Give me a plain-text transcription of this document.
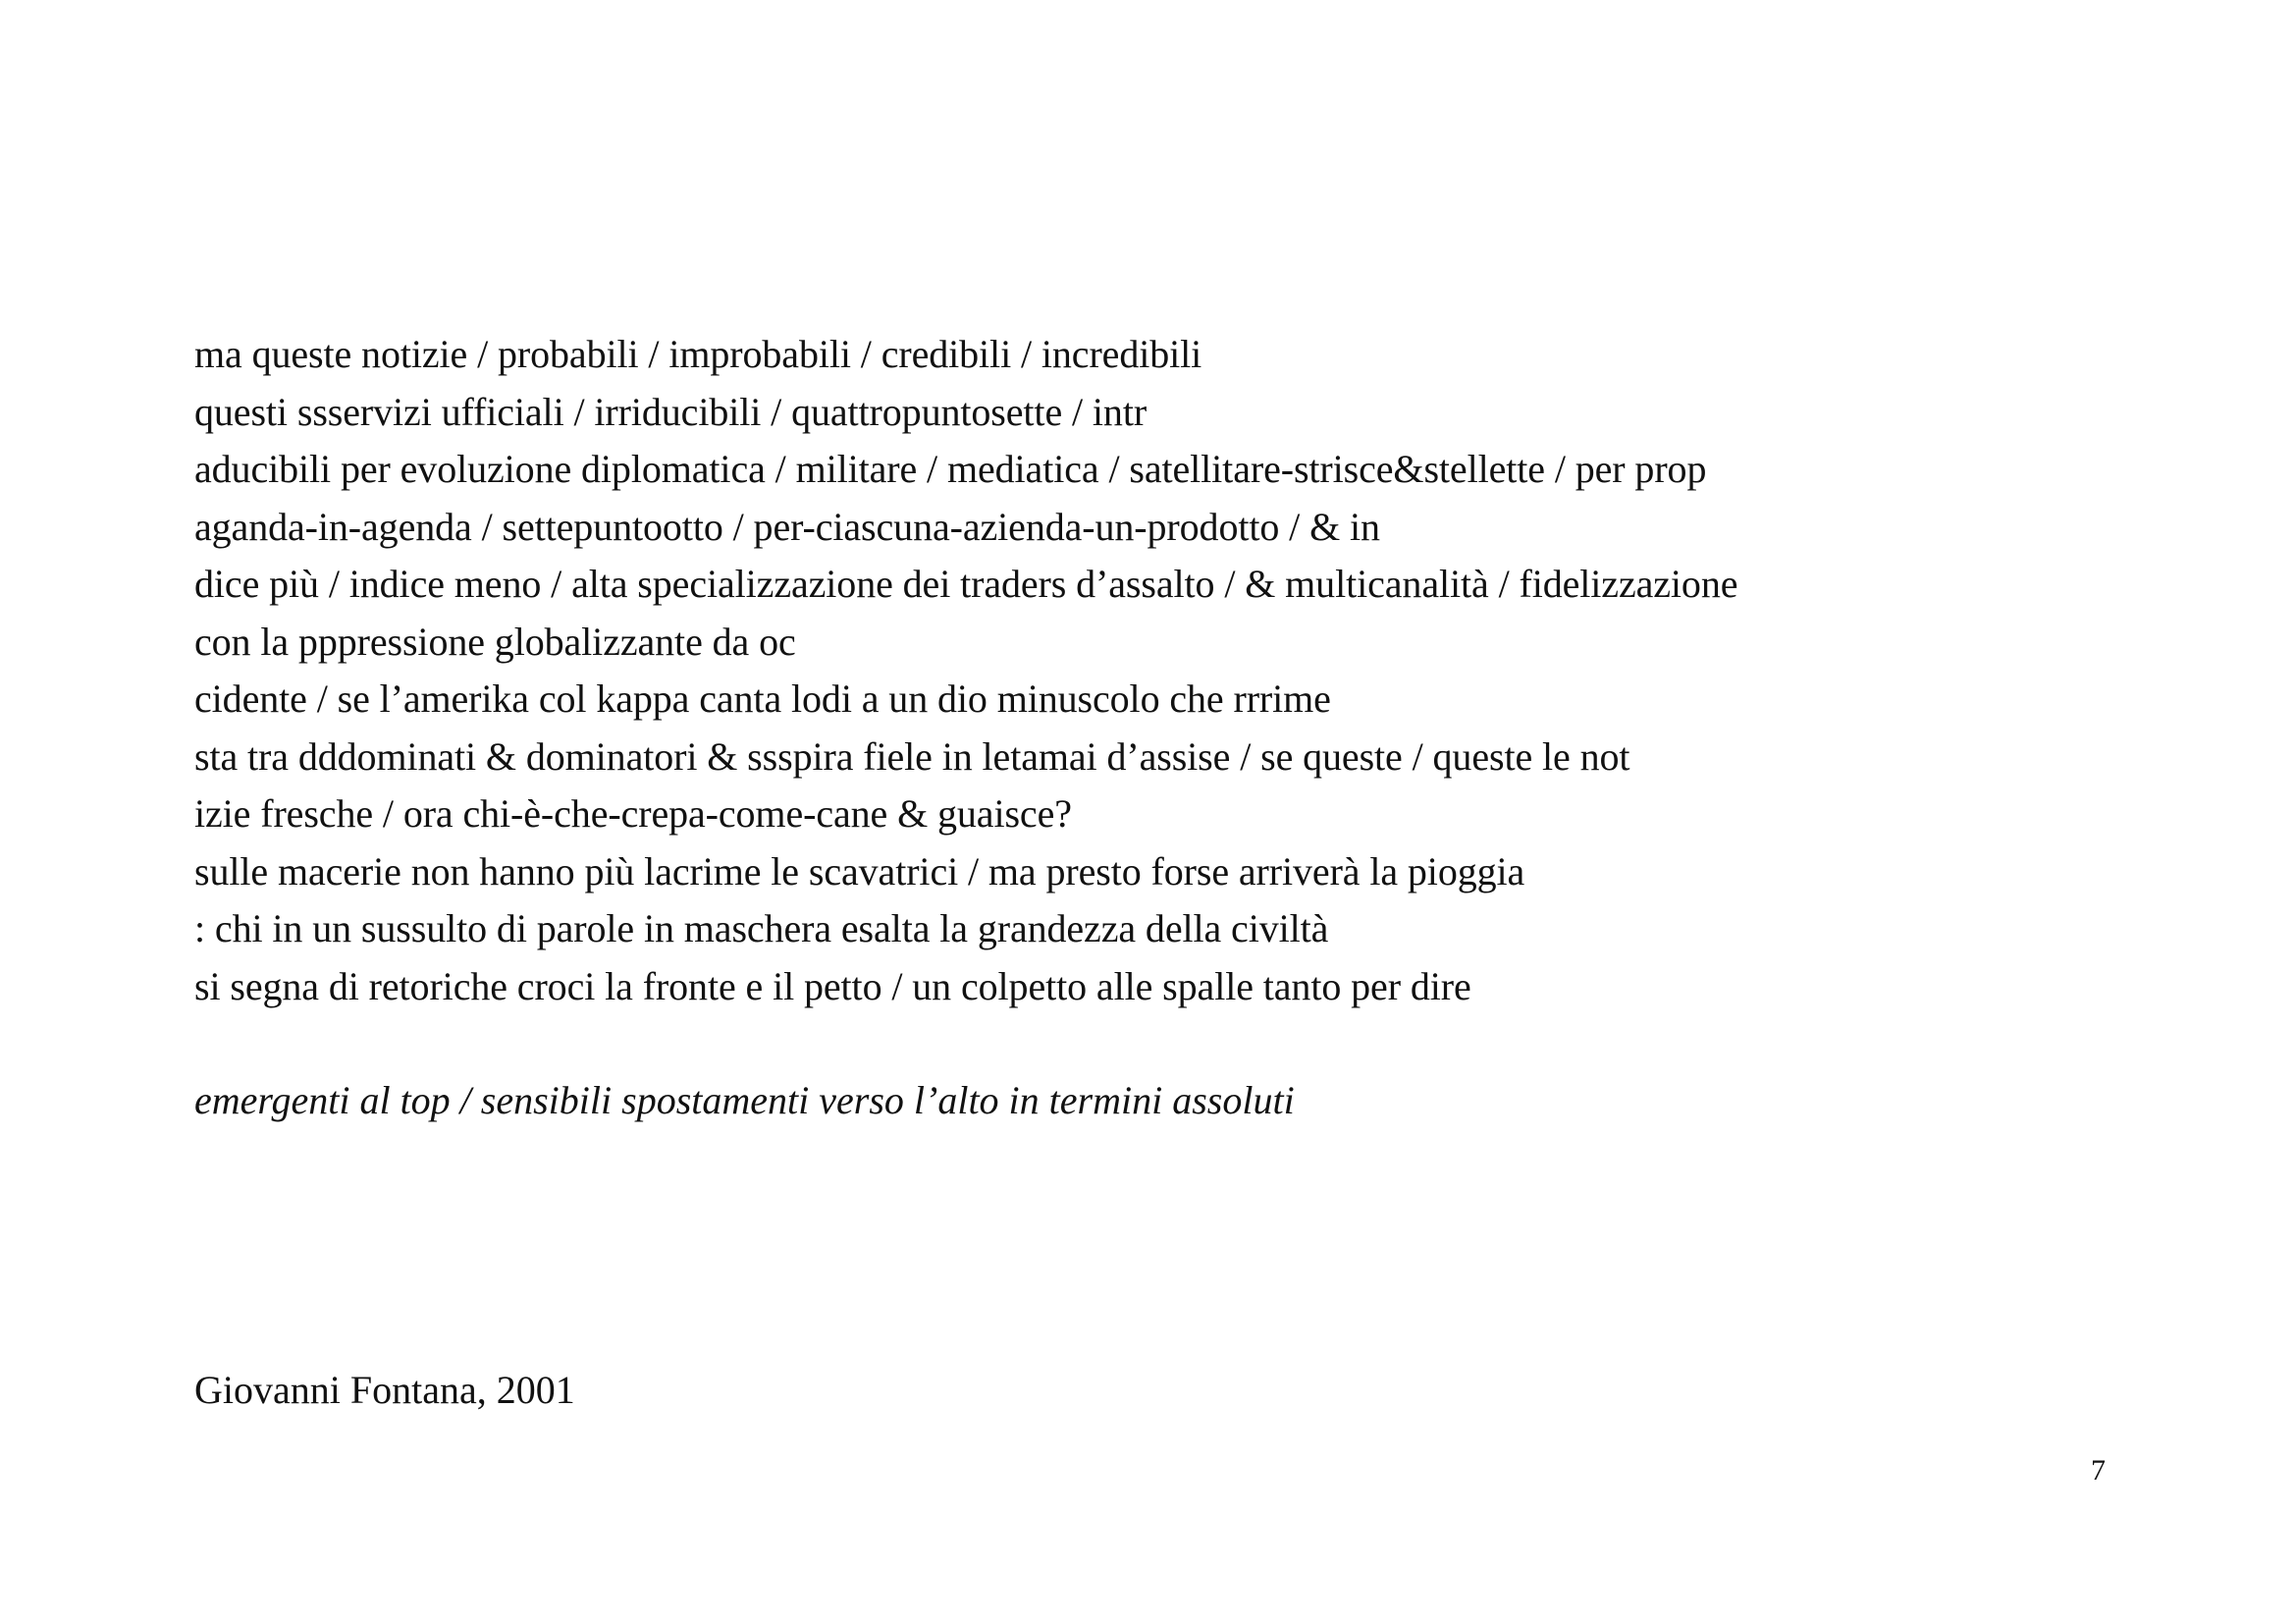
ma queste notizie / probabili / improbabili / credibili / incredibili
questi ssservizi ufficiali / irriducibili / quattropuntosette / intr
aducibili per evoluzione diplomatica / militare / mediatica / satellitare-strisce&stellette / per prop
aganda-in-agenda / settepuntootto / per-ciascuna-azienda-un-prodotto / & in
dice più / indice meno / alta specializzazione dei traders d’assalto / & multicanalità / fidelizzazione
con la pppressione globalizzante da oc
cidente / se l’amerika col kappa canta lodi a un dio minuscolo che rrrime
sta tra dddominati & dominatori & ssspira fiele in letamai d’assise / se queste / queste le not
izie fresche / ora chi-è-che-crepa-come-cane & guaisce?
sulle macerie non hanno più lacrime le scavatrici / ma presto forse arriverà la pioggia
: chi in un sussulto di parole in maschera esalta la grandezza della civiltà
si segna di retoriche croci la fronte e il petto / un colpetto alle spalle tanto per dire
emergenti al top / sensibili spostamenti verso l’alto in termini assoluti
Giovanni Fontana, 2001
7
